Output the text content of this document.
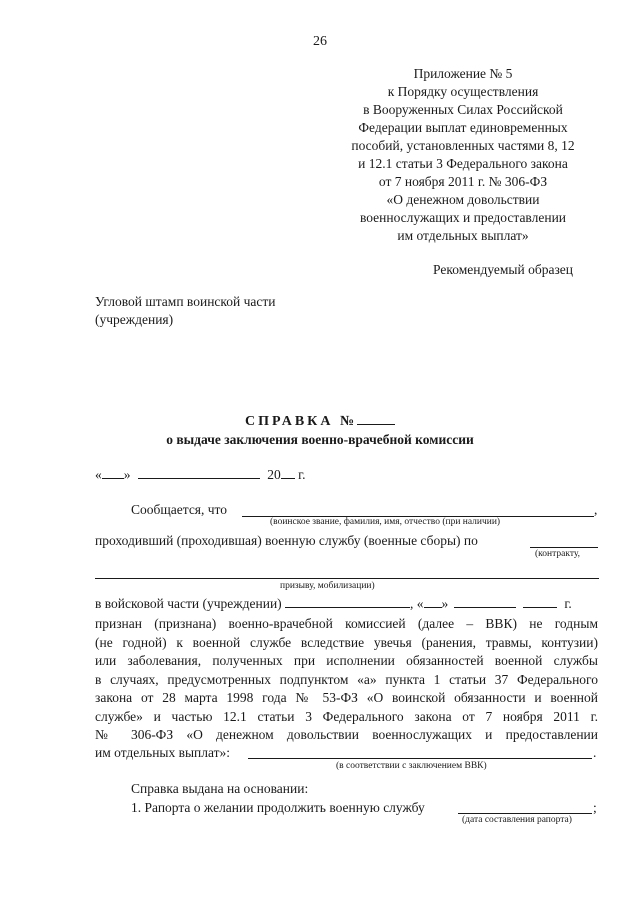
26
Приложение № 5
к Порядку осуществления
в Вооруженных Силах Российской
Федерации выплат единовременных
пособий, установленных частями 8, 12
и 12.1 статьи 3 Федерального закона
от 7 ноября 2011 г. № 306-ФЗ
«О денежном довольствии
военнослужащих и предоставлении
им отдельных выплат»
Рекомендуемый образец
Угловой штамп воинской части
(учреждения)
СПРАВКА №
о выдаче заключения военно-врачебной комиссии
« »	20 г.
Сообщается, что	,
(воинское звание, фамилия, имя, отчество (при наличии)
проходивший (проходившая) военную службу (военные сборы) по
(контракту,
призыву, мобилизации)
в войсковой части (учреждении)	, « »	г.
признан (признана) военно-врачебной комиссией (далее – ВВК) не годным
(не годной) к военной службе вследствие увечья (ранения, травмы, контузии)
или заболевания, полученных при исполнении обязанностей военной службы
в случаях, предусмотренных подпунктом «а» пункта 1 статьи 37 Федерального
закона от 28 марта 1998 года № 53-ФЗ «О воинской обязанности и военной
службе» и частью 12.1 статьи 3 Федерального закона от 7 ноября 2011 г.
№ 306-ФЗ «О денежном довольствии военнослужащих и предоставлении
им отдельных выплат»:	.
(в соответствии с заключением ВВК)
Справка выдана на основании:
1. Рапорта о желании продолжить военную службу	;
(дата составления рапорта)
